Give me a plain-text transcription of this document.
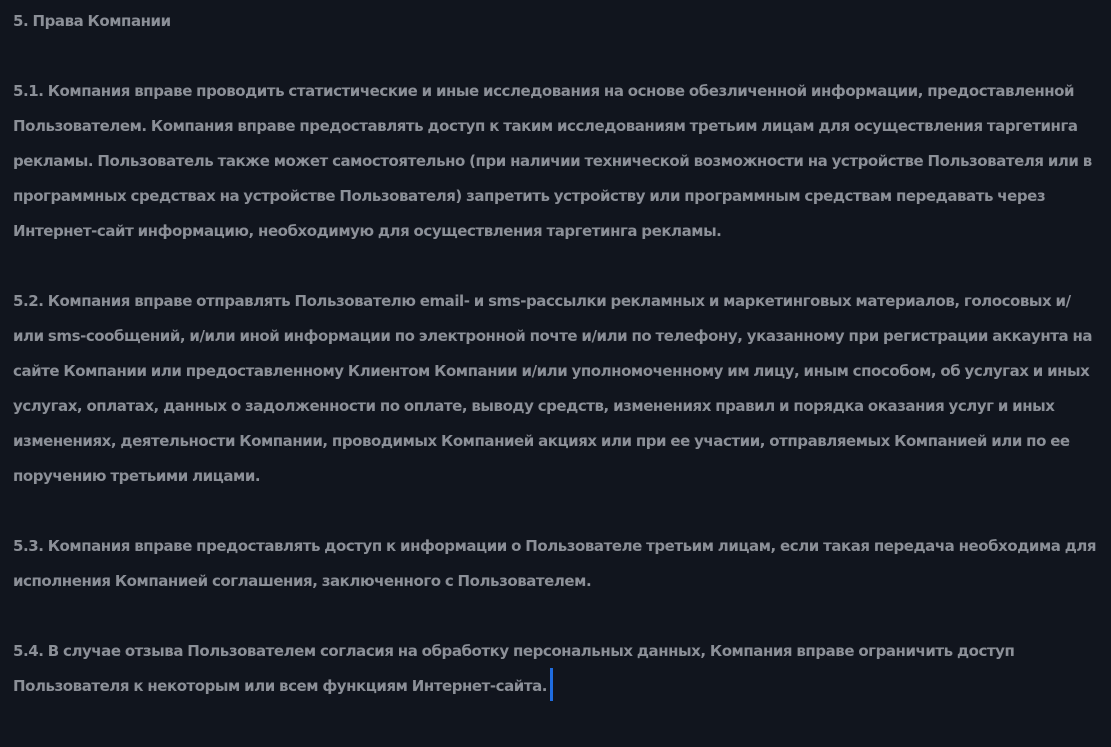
5. Права Компании

5.1. Компания вправе проводить статистические и иные исследования на основе обезличенной информации, предоставленной
Пользователем. Компания вправе предоставлять доступ к таким исследованиям третьим лицам для осуществления таргетинга
рекламы. Пользователь также может самостоятельно (при наличии технической возможности на устройстве Пользователя или в
программных средствах на устройстве Пользователя) запретить устройству или программным средствам передавать через
Интернет-сайт информацию, необходимую для осуществления таргетинга рекламы.

5.2. Компания вправе отправлять Пользователю email- и sms-рассылки рекламных и маркетинговых материалов, голосовых и/
или sms-сообщений, и/или иной информации по электронной почте и/или по телефону, указанному при регистрации аккаунта на
сайте Компании или предоставленному Клиентом Компании и/или уполномоченному им лицу, иным способом, об услугах и иных
услугах, оплатах, данных о задолженности по оплате, выводу средств, изменениях правил и порядка оказания услуг и иных
изменениях, деятельности Компании, проводимых Компанией акциях или при ее участии, отправляемых Компанией или по ее
поручению третьими лицами.

5.3. Компания вправе предоставлять доступ к информации о Пользователе третьим лицам, если такая передача необходима для
исполнения Компанией соглашения, заключенного с Пользователем.

5.4. В случае отзыва Пользователем согласия на обработку персональных данных, Компания вправе ограничить доступ
Пользователя к некоторым или всем функциям Интернет-сайта.
